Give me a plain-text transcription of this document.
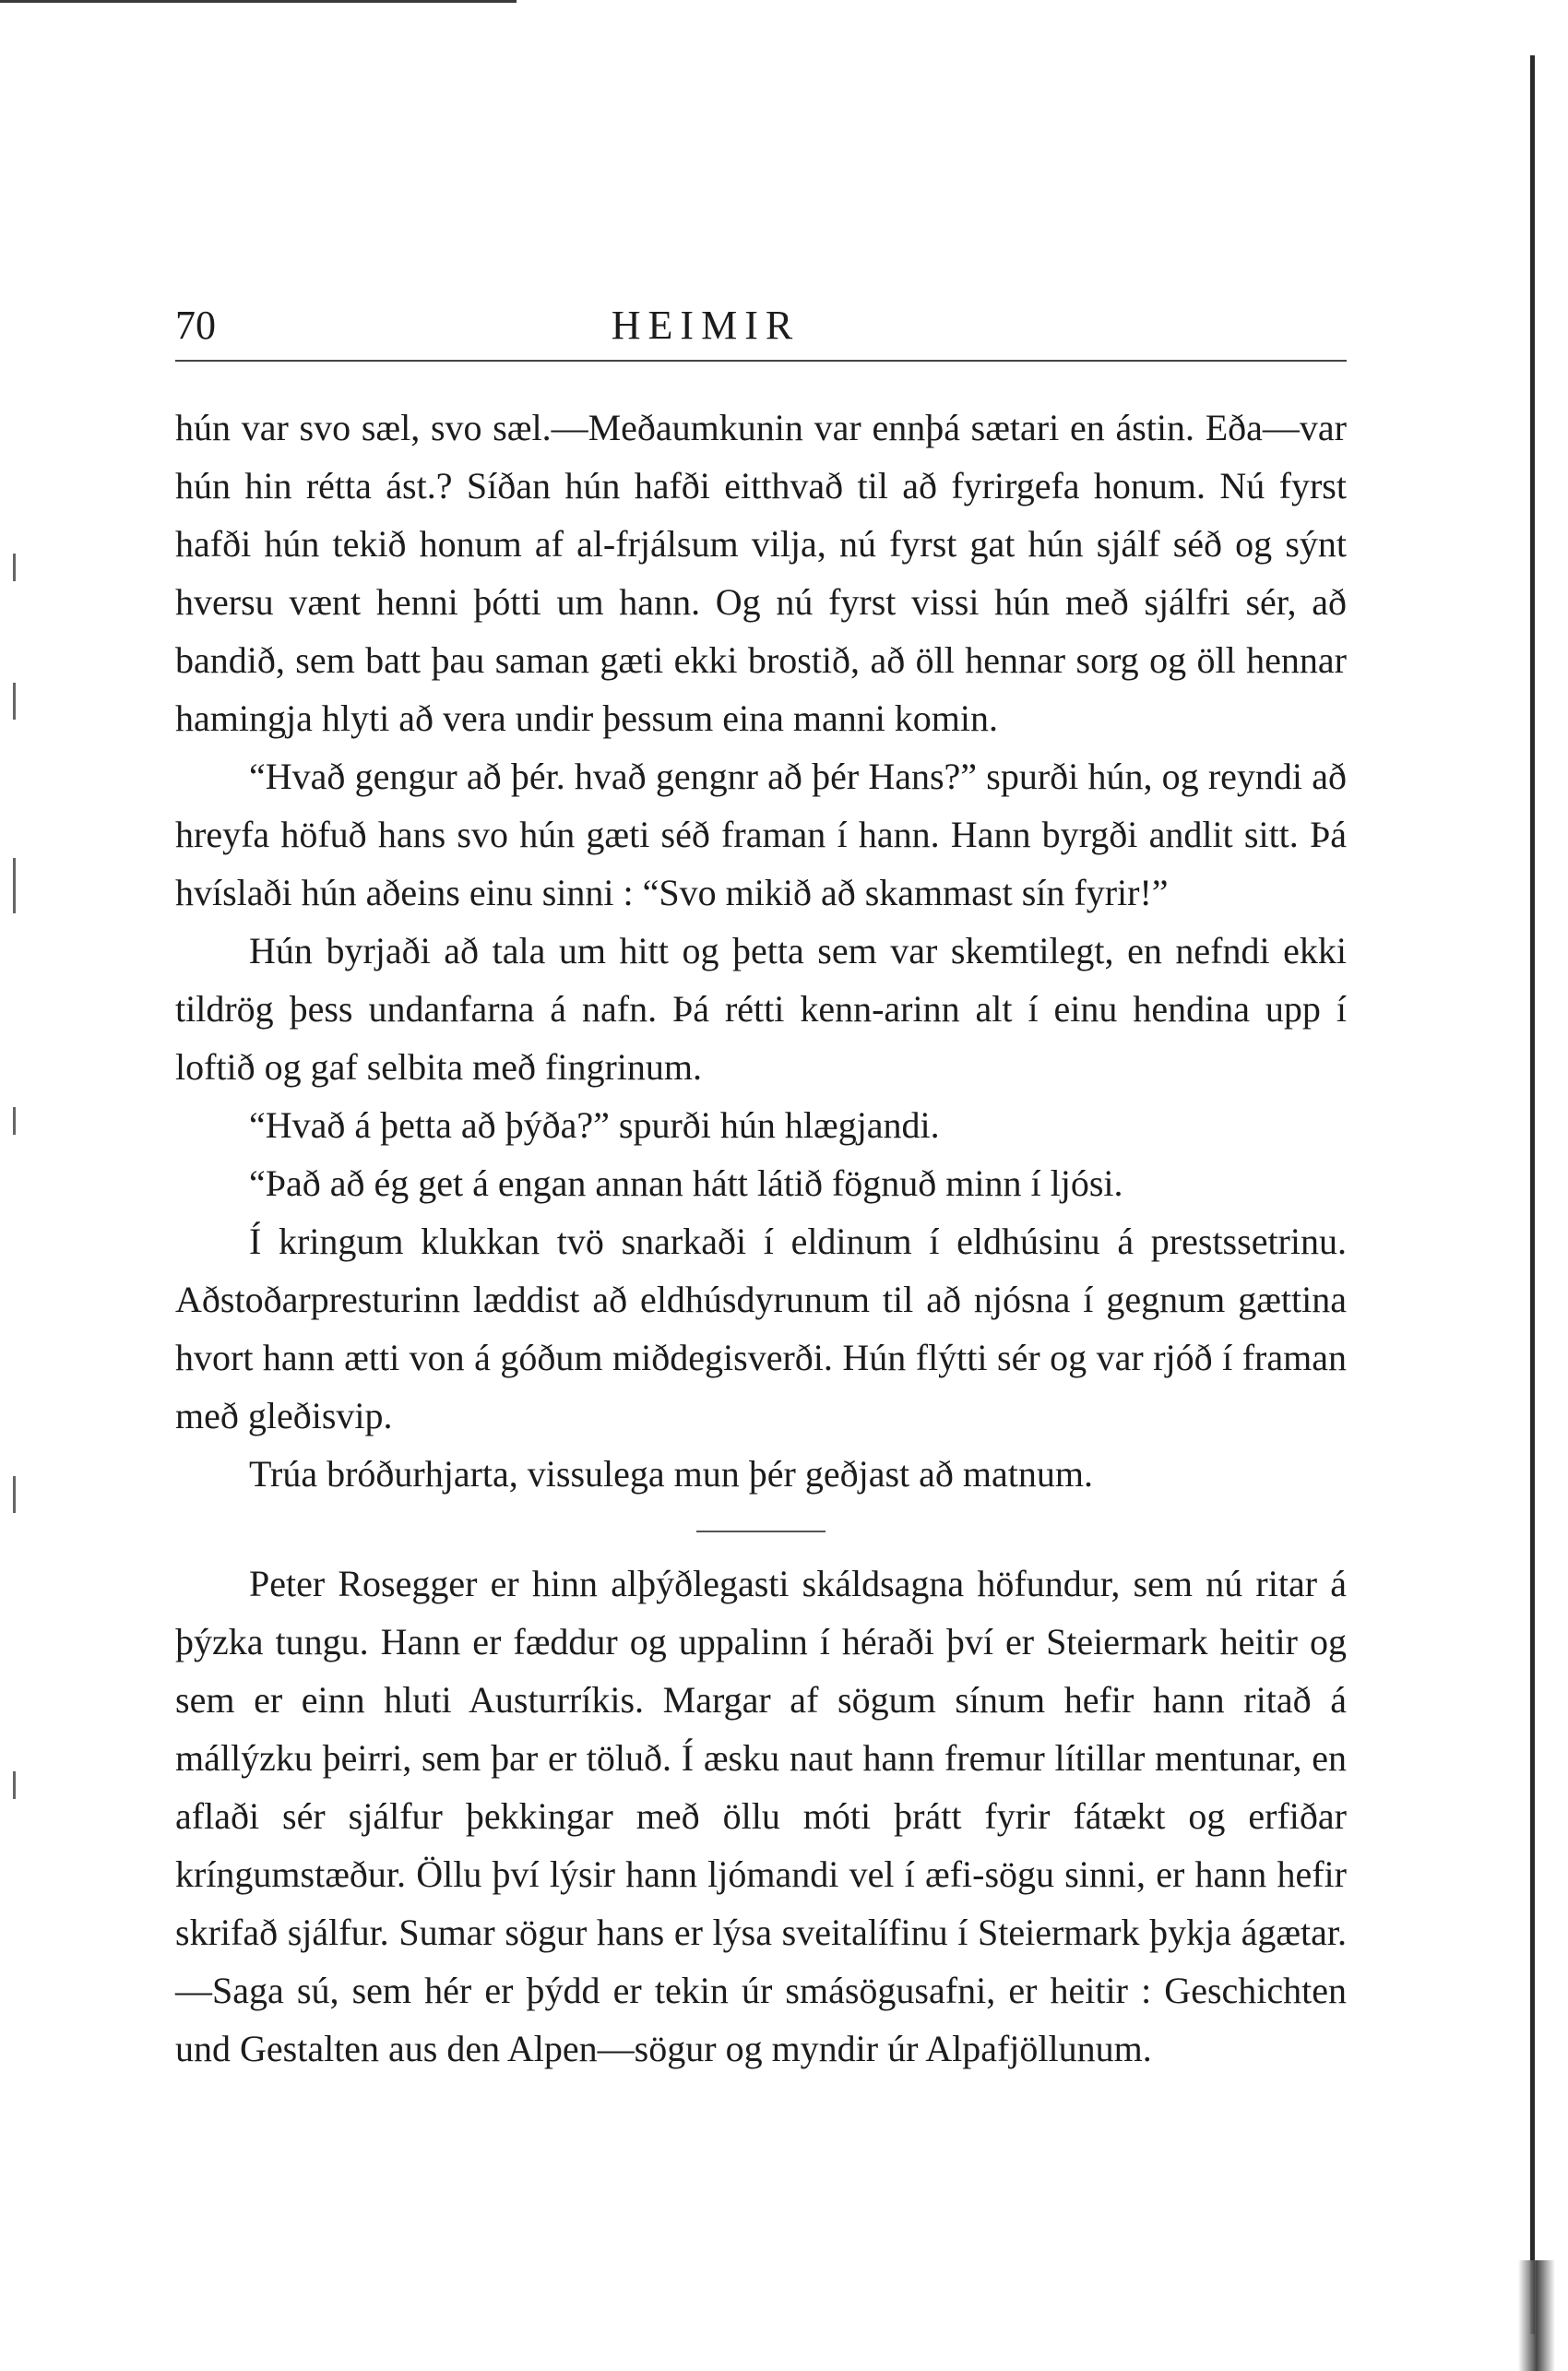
70	HEIMIR

hún var svo sæl, svo sæl.—Meðaumkunin var ennþá sætari en ástin. Eða—var hún hin rétta ást.? Síðan hún hafði eitthvað til að fyrirgefa honum. Nú fyrst hafði hún tekið honum af al-frjálsum vilja, nú fyrst gat hún sjálf séð og sýnt hversu vænt henni þótti um hann. Og nú fyrst vissi hún með sjálfri sér, að bandið, sem batt þau saman gæti ekki brostið, að öll hennar sorg og öll hennar hamingja hlyti að vera undir þessum eina manni komin.

“Hvað gengur að þér. hvað gengnr að þér Hans?” spurði hún, og reyndi að hreyfa höfuð hans svo hún gæti séð framan í hann. Hann byrgði andlit sitt. Þá hvíslaði hún aðeins einu sinni : “Svo mikið að skammast sín fyrir!”

Hún byrjaði að tala um hitt og þetta sem var skemtilegt, en nefndi ekki tildrög þess undanfarna á nafn. Þá rétti kenn-arinn alt í einu hendina upp í loftið og gaf selbita með fingrinum.

“Hvað á þetta að þýða?” spurði hún hlægjandi.

“Það að ég get á engan annan hátt látið fögnuð minn í ljósi.

Í kringum klukkan tvö snarkaði í eldinum í eldhúsinu á prestssetrinu. Aðstoðarpresturinn læddist að eldhúsdyrunum til að njósna í gegnum gættina hvort hann ætti von á góðum miðdegisverði. Hún flýtti sér og var rjóð í framan með gleðisvip.

Trúa bróðurhjarta, vissulega mun þér geðjast að matnum.

Peter Rosegger er hinn alþýðlegasti skáldsagna höfundur, sem nú ritar á þýzka tungu. Hann er fæddur og uppalinn í héraði því er Steiermark heitir og sem er einn hluti Austurríkis. Margar af sögum sínum hefir hann ritað á mállýzku þeirri, sem þar er töluð. Í æsku naut hann fremur lítillar mentunar, en aflaði sér sjálfur þekkingar með öllu móti þrátt fyrir fátækt og erfiðar kríngumstæður. Öllu því lýsir hann ljómandi vel í æfi-sögu sinni, er hann hefir skrifað sjálfur. Sumar sögur hans er lýsa sveitalífinu í Steiermark þykja ágætar.—Saga sú, sem hér er þýdd er tekin úr smásögusafni, er heitir : Geschichten und Gestalten aus den Alpen—sögur og myndir úr Alpafjöllunum.
